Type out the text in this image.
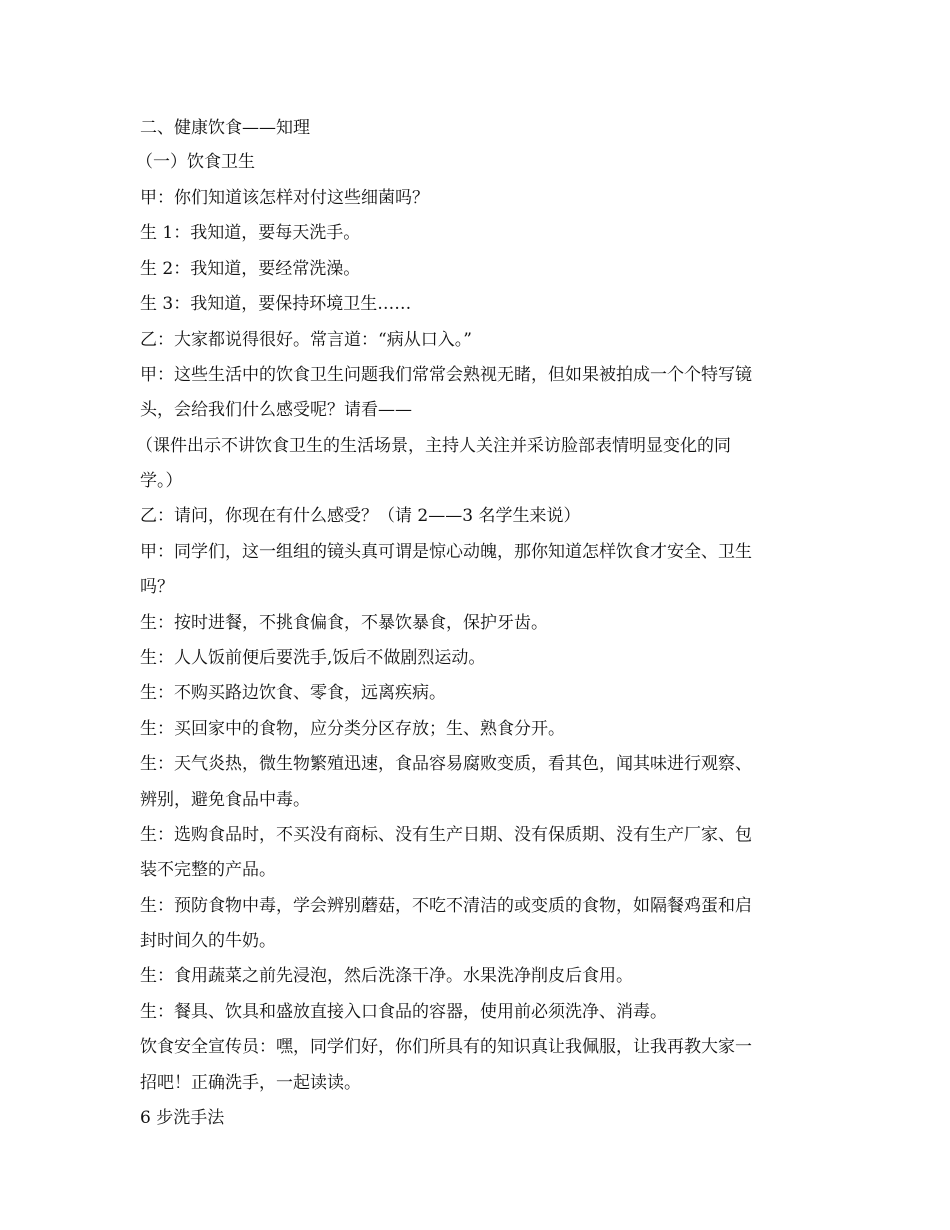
二、健康饮食——知理
（一）饮食卫生
甲：你们知道该怎样对付这些细菌吗？
生 1：我知道，要每天洗手。
生 2：我知道，要经常洗澡。
生 3：我知道，要保持环境卫生……
乙：大家都说得很好。常言道：“病从口入。”
甲：这些生活中的饮食卫生问题我们常常会熟视无睹，但如果被拍成一个个特写镜
头，会给我们什么感受呢？请看——
（课件出示不讲饮食卫生的生活场景，主持人关注并采访脸部表情明显变化的同
学。）
乙：请问，你现在有什么感受？（请 2——3 名学生来说）
甲：同学们，这一组组的镜头真可谓是惊心动魄，那你知道怎样饮食才安全、卫生
吗？
生：按时进餐，不挑食偏食，不暴饮暴食，保护牙齿。
生：人人饭前便后要洗手,饭后不做剧烈运动。
生：不购买路边饮食、零食，远离疾病。
生：买回家中的食物，应分类分区存放；生、熟食分开。
生：天气炎热，微生物繁殖迅速，食品容易腐败变质，看其色，闻其味进行观察、
辨别，避免食品中毒。
生：选购食品时，不买没有商标、没有生产日期、没有保质期、没有生产厂家、包
装不完整的产品。
生：预防食物中毒，学会辨别蘑菇，不吃不清洁的或变质的食物，如隔餐鸡蛋和启
封时间久的牛奶。
生：食用蔬菜之前先浸泡，然后洗涤干净。水果洗净削皮后食用。
生：餐具、饮具和盛放直接入口食品的容器，使用前必须洗净、消毒。
饮食安全宣传员：嘿，同学们好，你们所具有的知识真让我佩服，让我再教大家一
招吧！正确洗手，一起读读。
6 步洗手法
